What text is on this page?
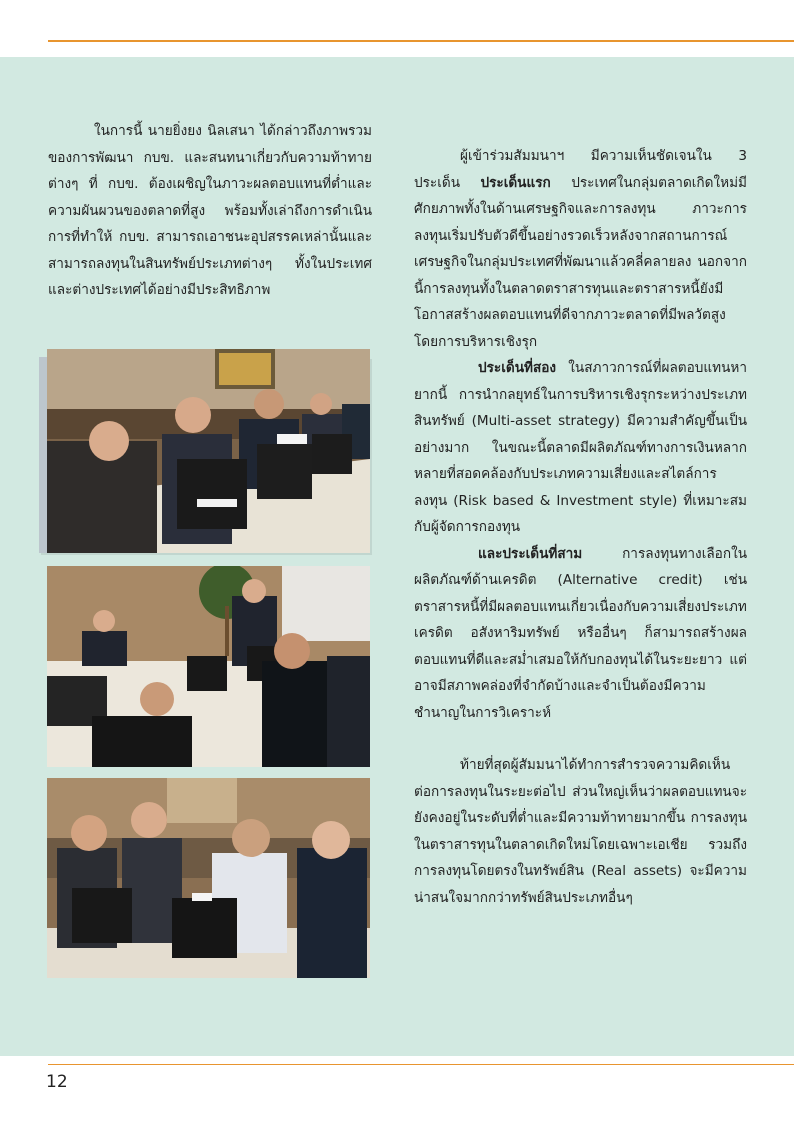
ในการนี้ นายยิ่งยง นิลเสนา ได้กล่าวถึงภาพรวมของการพัฒนา กบข. และสนทนาเกี่ยวกับความท้าทายต่างๆ ที่ กบข. ต้องเผชิญในภาวะผลตอบแทนที่ต่ำและความผันผวนของตลาดที่สูง พร้อมทั้งเล่าถึงการดำเนินการที่ทำให้ กบข. สามารถเอาชนะอุปสรรคเหล่านั้นและสามารถลงทุนในสินทรัพย์ประเภทต่างๆ ทั้งในประเทศและต่างประเทศได้อย่างมีประสิทธิภาพ

ผู้เข้าร่วมสัมมนาฯ มีความเห็นชัดเจนใน 3 ประเด็น ประเด็นแรก ประเทศในกลุ่มตลาดเกิดใหม่มีศักยภาพทั้งในด้านเศรษฐกิจและการลงทุน ภาวะการลงทุนเริ่มปรับตัวดีขึ้นอย่างรวดเร็วหลังจากสถานการณ์เศรษฐกิจในกลุ่มประเทศที่พัฒนาแล้วคลี่คลายลง นอกจากนี้การลงทุนทั้งในตลาดตราสารทุนและตราสารหนี้ยังมีโอกาสสร้างผลตอบแทนที่ดีจากภาวะตลาดที่มีพลวัตสูงโดยการบริหารเชิงรุก

ประเด็นที่สอง ในสภาวการณ์ที่ผลตอบแทนหายากนี้ การนำกลยุทธ์ในการบริหารเชิงรุกระหว่างประเภทสินทรัพย์ (Multi-asset strategy) มีความสำคัญขึ้นเป็นอย่างมาก ในขณะนี้ตลาดมีผลิตภัณฑ์ทางการเงินหลากหลายที่สอดคล้องกับประเภทความเสี่ยงและสไตล์การลงทุน (Risk based & Investment style) ที่เหมาะสมกับผู้จัดการกองทุน

และประเด็นที่สาม	การลงทุนทางเลือกในผลิตภัณฑ์ด้านเครดิต (Alternative credit) เช่น ตราสารหนี้ที่มีผลตอบแทนเกี่ยวเนื่องกับความเสี่ยงประเภทเครดิต อสังหาริมทรัพย์ หรืออื่นๆ ก็สามารถสร้างผลตอบแทนที่ดีและสม่ำเสมอให้กับกองทุนได้ในระยะยาว แต่อาจมีสภาพคล่องที่จำกัดบ้างและจำเป็นต้องมีความชำนาญในการวิเคราะห์

ท้ายที่สุดผู้สัมมนาได้ทำการสำรวจความคิดเห็นต่อการลงทุนในระยะต่อไป ส่วนใหญ่เห็นว่าผลตอบแทนจะยังคงอยู่ในระดับที่ต่ำและมีความท้าทายมากขึ้น การลงทุนในตราสารทุนในตลาดเกิดใหม่โดยเฉพาะเอเชีย รวมถึงการลงทุนโดยตรงในทรัพย์สิน (Real assets) จะมีความน่าสนใจมากกว่าทรัพย์สินประเภทอื่นๆ

12
